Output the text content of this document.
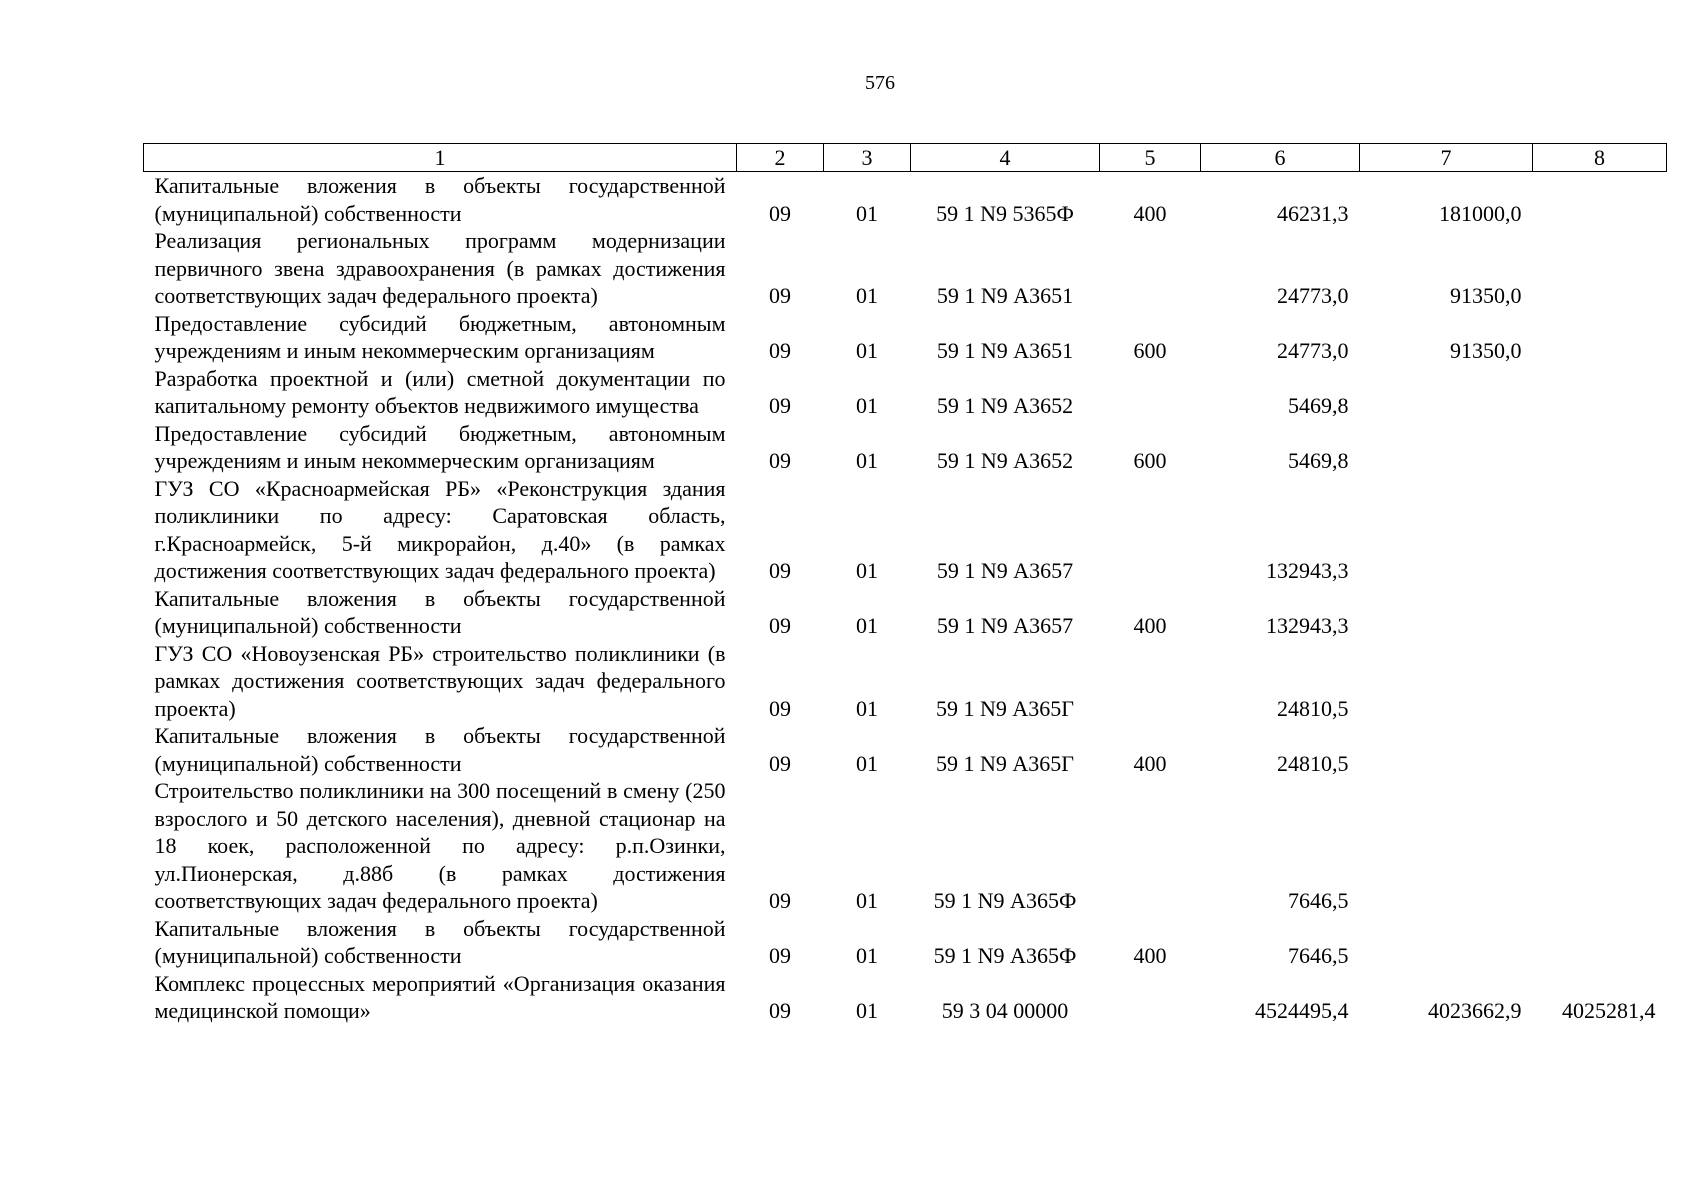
576
1	2	3	4	5	6	7	8
Капитальные вложения в объекты государственной (муниципальной) собственности	09	01	59 1 N9 5365Ф	400	46231,3	181000,0	
Реализация региональных программ модернизации первичного звена здравоохранения (в рамках достижения соответствующих задач федерального проекта)	09	01	59 1 N9 А3651		24773,0	91350,0	
Предоставление субсидий бюджетным, автономным учреждениям и иным некоммерческим организациям	09	01	59 1 N9 А3651	600	24773,0	91350,0	
Разработка проектной и (или) сметной документации по капитальному ремонту объектов недвижимого имущества	09	01	59 1 N9 А3652		5469,8		
Предоставление субсидий бюджетным, автономным учреждениям и иным некоммерческим организациям	09	01	59 1 N9 А3652	600	5469,8		
ГУЗ СО «Красноармейская РБ» «Реконструкция здания поликлиники по адресу: Саратовская область, г.Красноармейск, 5-й микрорайон, д.40» (в рамках достижения соответствующих задач федерального проекта)	09	01	59 1 N9 А3657		132943,3		
Капитальные вложения в объекты государственной (муниципальной) собственности	09	01	59 1 N9 А3657	400	132943,3		
ГУЗ СО «Новоузенская РБ» строительство поликлиники (в рамках достижения соответствующих задач федерального проекта)	09	01	59 1 N9 А365Г		24810,5		
Капитальные вложения в объекты государственной (муниципальной) собственности	09	01	59 1 N9 А365Г	400	24810,5		
Строительство поликлиники на 300 посещений в смену (250 взрослого и 50 детского населения), дневной стационар на 18 коек, расположенной по адресу: р.п.Озинки, ул.Пионерская, д.88б (в рамках достижения соответствующих задач федерального проекта)	09	01	59 1 N9 А365Ф		7646,5		
Капитальные вложения в объекты государственной (муниципальной) собственности	09	01	59 1 N9 А365Ф	400	7646,5		
Комплекс процессных мероприятий «Организация оказания медицинской помощи»	09	01	59 3 04 00000		4524495,4	4023662,9	4025281,4
